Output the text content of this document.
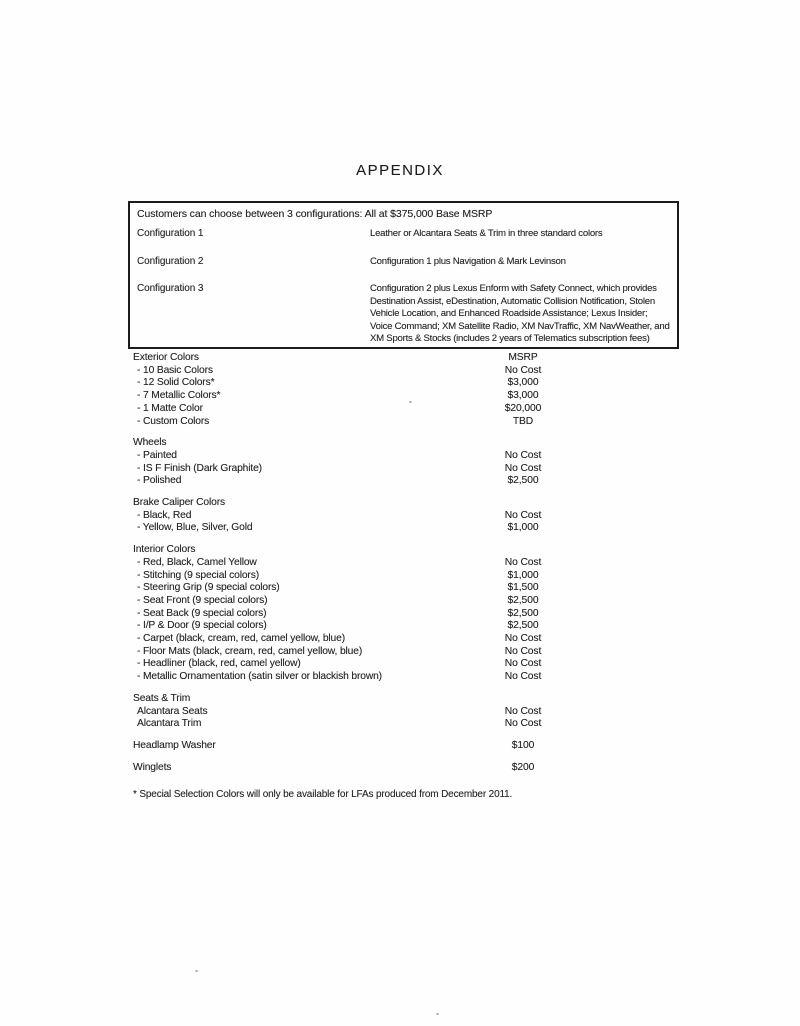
APPENDIX
Customers can choose between 3 configurations: All at $375,000 Base MSRP
Configuration 1	Leather or Alcantara Seats & Trim in three standard colors
Configuration 2	Configuration 1 plus Navigation & Mark Levinson
Configuration 3	Configuration 2 plus Lexus Enform with Safety Connect, which provides Destination Assist, eDestination, Automatic Collision Notification, Stolen Vehicle Location, and Enhanced Roadside Assistance; Lexus Insider; Voice Command; XM Satellite Radio, XM NavTraffic, XM NavWeather, and XM Sports & Stocks (includes 2 years of Telematics subscription fees)
Exterior Colors	MSRP
- 10 Basic Colors	No Cost
- 12 Solid Colors*	$3,000
- 7 Metallic Colors*	$3,000
- 1 Matte Color	$20,000
- Custom Colors	TBD
Wheels
- Painted	No Cost
- IS F Finish (Dark Graphite)	No Cost
- Polished	$2,500
Brake Caliper Colors
- Black, Red	No Cost
- Yellow, Blue, Silver, Gold	$1,000
Interior Colors
- Red, Black, Camel Yellow	No Cost
- Stitching (9 special colors)	$1,000
- Steering Grip (9 special colors)	$1,500
- Seat Front (9 special colors)	$2,500
- Seat Back (9 special colors)	$2,500
- I/P & Door (9 special colors)	$2,500
- Carpet (black, cream, red, camel yellow, blue)	No Cost
- Floor Mats (black, cream, red, camel yellow, blue)	No Cost
- Headliner (black, red, camel yellow)	No Cost
- Metallic Ornamentation (satin silver or blackish brown)	No Cost
Seats & Trim
Alcantara Seats	No Cost
Alcantara Trim	No Cost
Headlamp Washer	$100
Winglets	$200

* Special Selection Colors will only be available for LFAs produced from December 2011.
